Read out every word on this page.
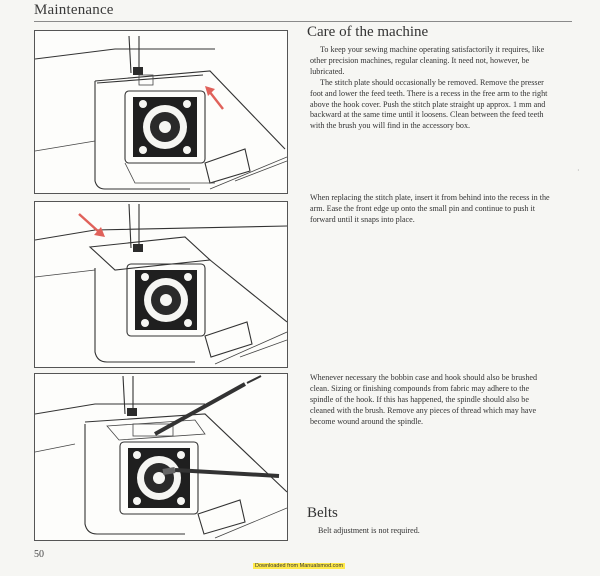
Maintenance
Care of the machine

To keep your sewing machine operating satisfactorily it requires, like other precision machines, regular cleaning. It need not, however, be lubricated.
The stitch plate should occasionally be removed. Remove the presser foot and lower the feed teeth. There is a recess in the free arm to the right above the hook cover. Push the stitch plate straight up approx. 1 mm and backward at the same time until it loosens. Clean between the feed teeth with the brush you will find in the accessory box.

When replacing the stitch plate, insert it from behind into the recess in the arm. Ease the front edge up onto the small pin and continue to push it forward until it snaps into place.

Whenever necessary the bobbin case and hook should also be brushed clean. Sizing or finishing compounds from fabric may adhere to the spindle of the hook. If this has happened, the spindle should also be cleaned with the brush. Remove any pieces of thread which may have become wound around the spindle.

Belts
Belt adjustment is not required.
50
Downloaded from Manualsmod.com
·
